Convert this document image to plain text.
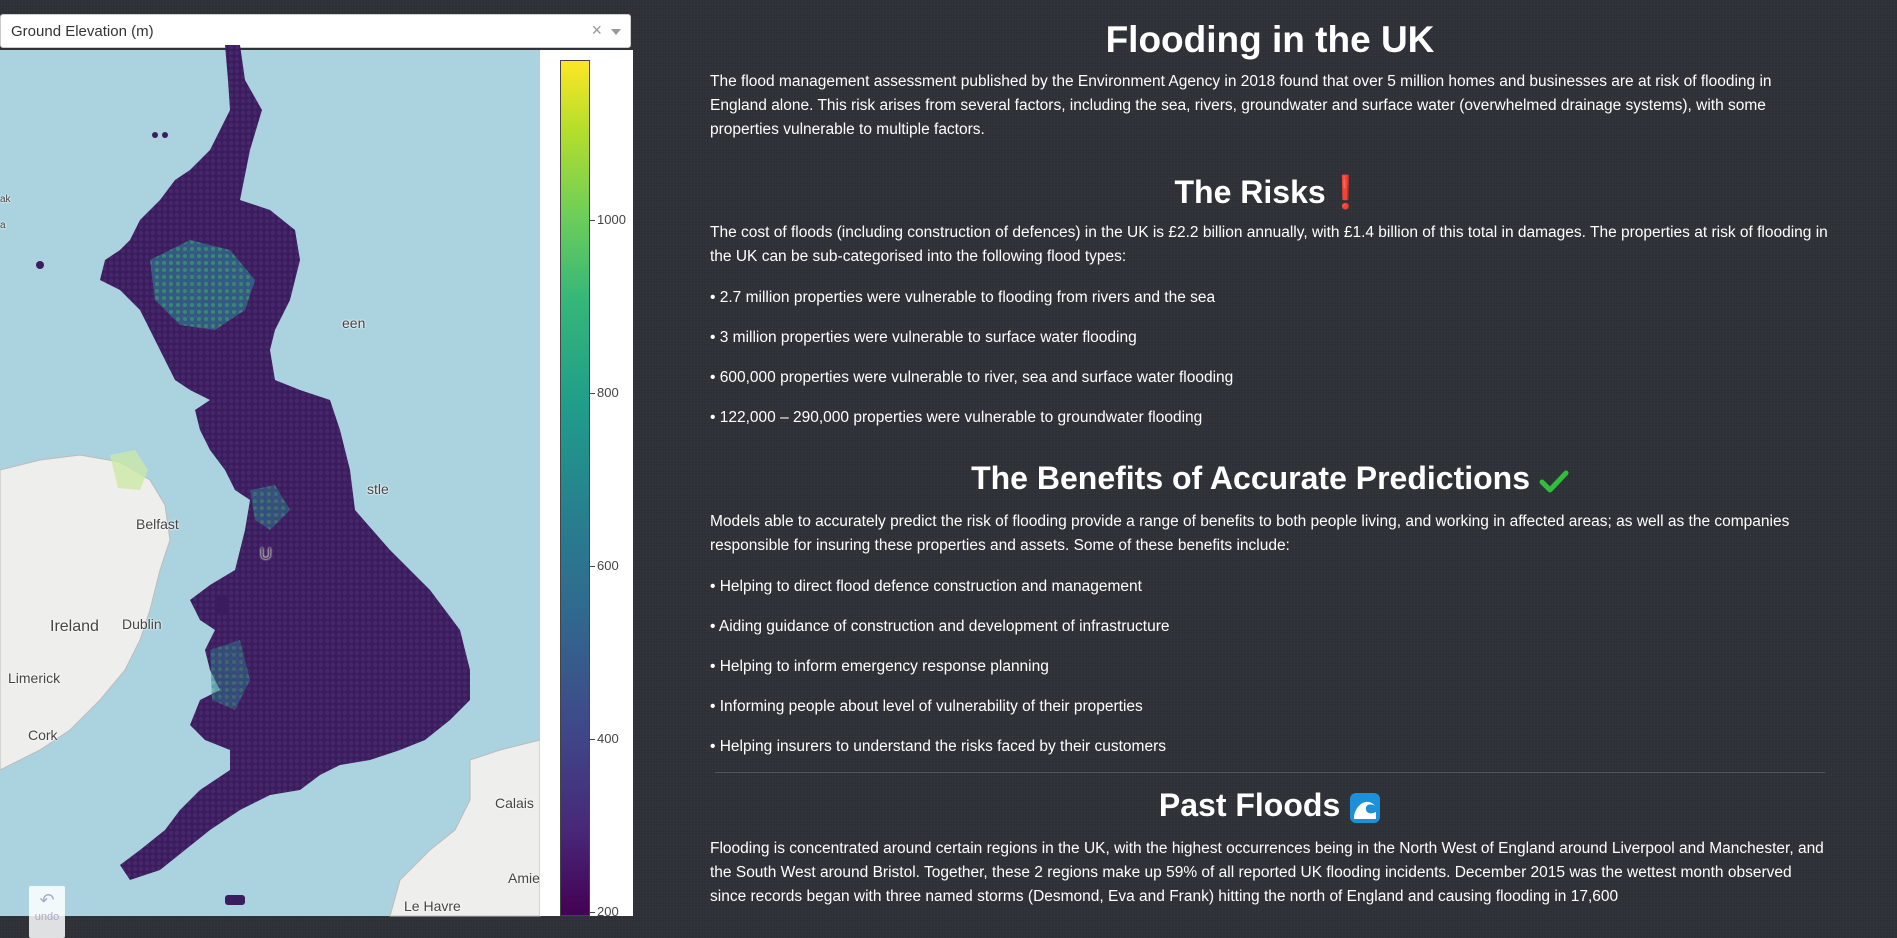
Ground Elevation (m)	×
Belfast
Ireland Dublin
Limerick
Cork
Calais
Le Havre
Amie
een
stle
U
ak
a
↶
undo
1000
800
600
400
200
Flooding in the UK

The flood management assessment published by the Environment Agency in 2018 found that over 5 million homes and businesses are at risk of flooding in England alone. This risk arises from several factors, including the sea, rivers, groundwater and surface water (overwhelmed drainage systems), with some properties vulnerable to multiple factors.

The Risks❗

The cost of floods (including construction of defences) in the UK is £2.2 billion annually, with £1.4 billion of this total in damages. The properties at risk of flooding in the UK can be sub-categorised into the following flood types:

• 2.7 million properties were vulnerable to flooding from rivers and the sea

• 3 million properties were vulnerable to surface water flooding

• 600,000 properties were vulnerable to river, sea and surface water flooding

• 122,000 – 290,000 properties were vulnerable to groundwater flooding

The Benefits of Accurate Predictions

Models able to accurately predict the risk of flooding provide a range of benefits to both people living, and working in affected areas; as well as the companies responsible for insuring these properties and assets. Some of these benefits include:

• Helping to direct flood defence construction and management

• Aiding guidance of construction and development of infrastructure

• Helping to inform emergency response planning

• Informing people about level of vulnerability of their properties

• Helping insurers to understand the risks faced by their customers

Past Floods

Flooding is concentrated around certain regions in the UK, with the highest occurrences being in the North West of England around Liverpool and Manchester, and the South West around Bristol. Together, these 2 regions make up 59% of all reported UK flooding incidents. December 2015 was the wettest month observed since records began with three named storms (Desmond, Eva and Frank) hitting the north of England and causing flooding in 17,600
